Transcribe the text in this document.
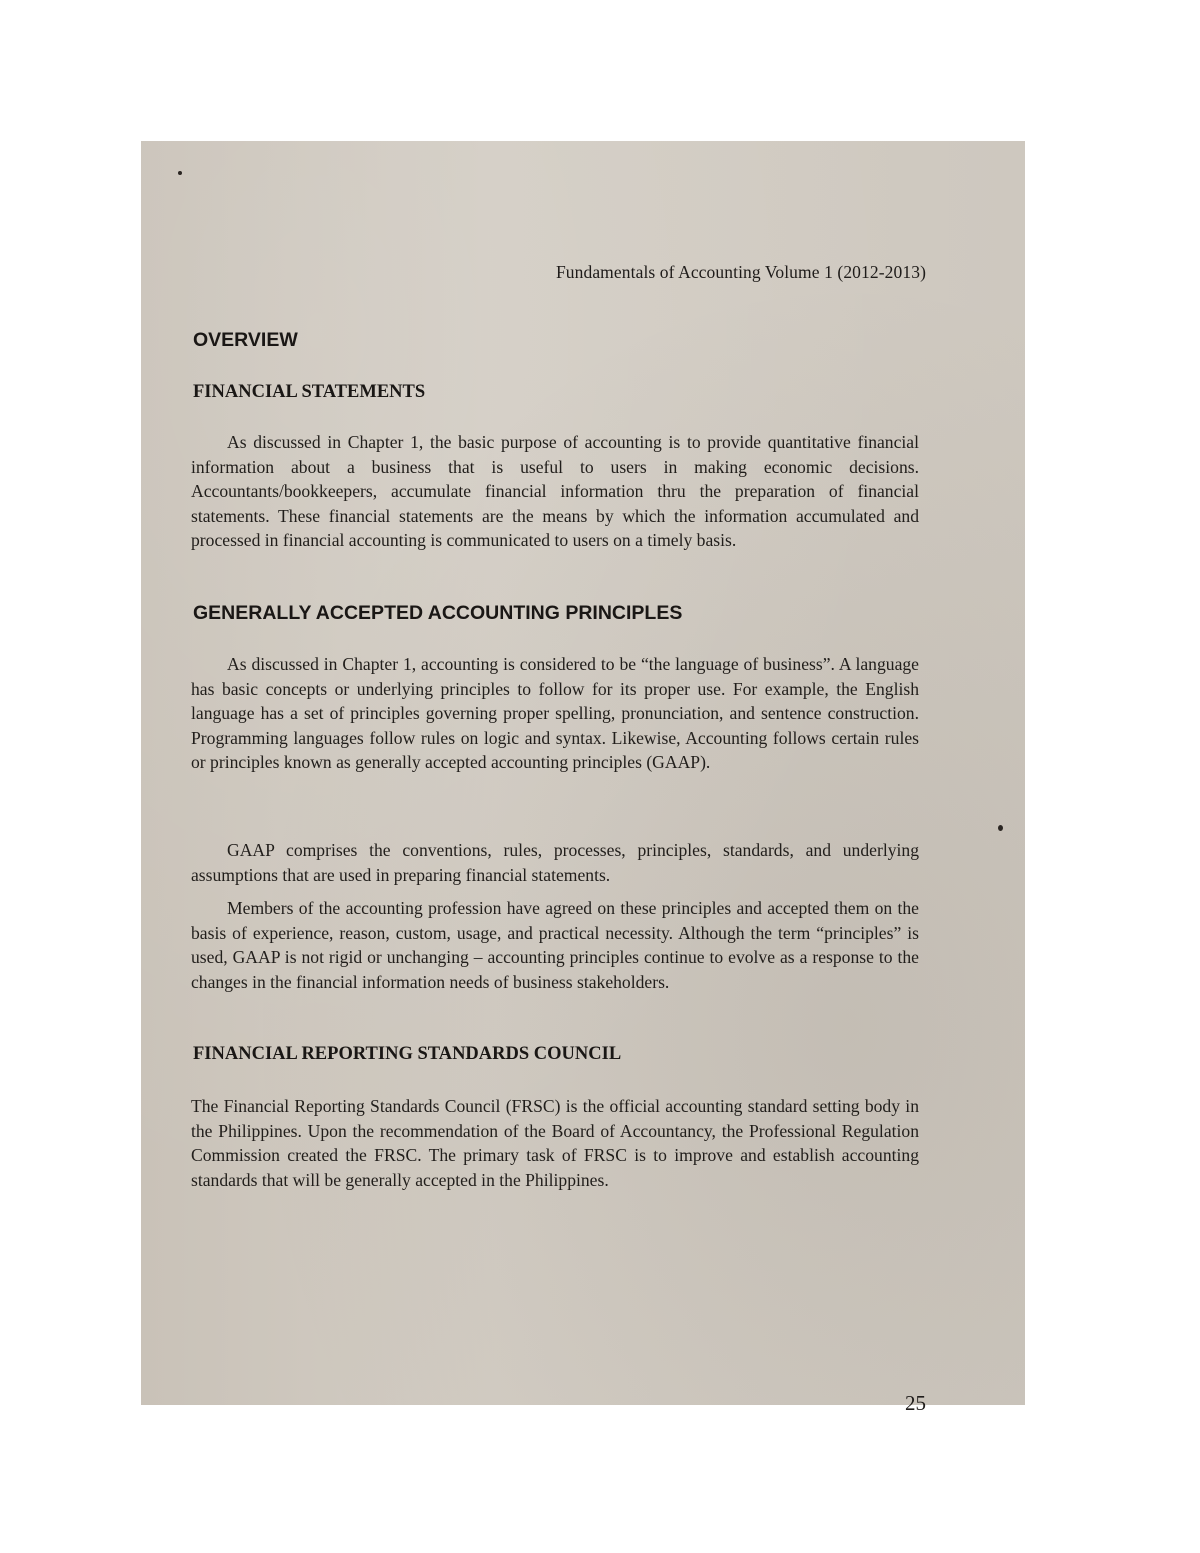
Fundamentals of Accounting Volume 1 (2012-2013)
OVERVIEW
FINANCIAL STATEMENTS

As discussed in Chapter 1, the basic purpose of accounting is to provide quantitative financial information about a business that is useful to users in making economic decisions. Accountants/bookkeepers, accumulate financial information thru the preparation of financial statements. These financial statements are the means by which the information accumulated and processed in financial accounting is communicated to users on a timely basis.

GENERALLY ACCEPTED ACCOUNTING PRINCIPLES

As discussed in Chapter 1, accounting is considered to be “the language of business”. A language has basic concepts or underlying principles to follow for its proper use. For example, the English language has a set of principles governing proper spelling, pronunciation, and sentence construction. Programming languages follow rules on logic and syntax. Likewise, Accounting follows certain rules or principles known as generally accepted accounting principles (GAAP).

GAAP comprises the conventions, rules, processes, principles, standards, and underlying assumptions that are used in preparing financial statements.

Members of the accounting profession have agreed on these principles and accepted them on the basis of experience, reason, custom, usage, and practical necessity. Although the term “principles” is used, GAAP is not rigid or unchanging – accounting principles continue to evolve as a response to the changes in the financial information needs of business stakeholders.

FINANCIAL REPORTING STANDARDS COUNCIL

The Financial Reporting Standards Council (FRSC) is the official accounting standard setting body in the Philippines. Upon the recommendation of the Board of Accountancy, the Professional Regulation Commission created the FRSC. The primary task of FRSC is to improve and establish accounting standards that will be generally accepted in the Philippines.

25
